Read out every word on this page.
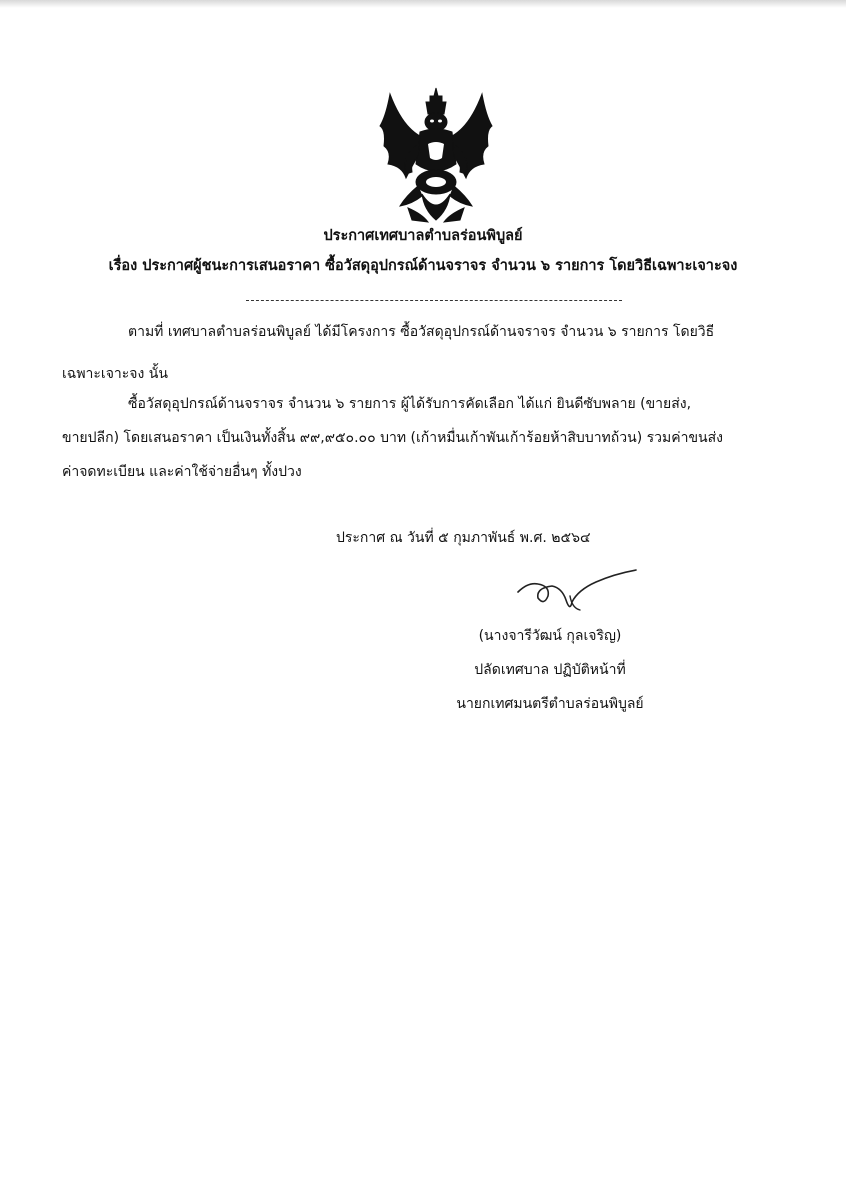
ประกาศเทศบาลตำบลร่อนพิบูลย์
เรื่อง ประกาศผู้ชนะการเสนอราคา ซื้อวัสดุอุปกรณ์ด้านจราจร จำนวน ๖ รายการ โดยวิธีเฉพาะเจาะจง
ตามที่ เทศบาลตำบลร่อนพิบูลย์ ได้มีโครงการ ซื้อวัสดุอุปกรณ์ด้านจราจร จำนวน ๖ รายการ โดยวิธี
เฉพาะเจาะจง นั้น
ซื้อวัสดุอุปกรณ์ด้านจราจร จำนวน ๖ รายการ ผู้ได้รับการคัดเลือก ได้แก่ ยินดีซับพลาย (ขายส่ง,
ขายปลีก) โดยเสนอราคา เป็นเงินทั้งสิ้น ๙๙,๙๕๐.๐๐ บาท (เก้าหมื่นเก้าพันเก้าร้อยห้าสิบบาทถ้วน) รวมค่าขนส่ง
ค่าจดทะเบียน และค่าใช้จ่ายอื่นๆ ทั้งปวง
ประกาศ ณ วันที่ ๕ กุมภาพันธ์ พ.ศ. ๒๕๖๔
(นางจารีวัฒน์ กุลเจริญ)
ปลัดเทศบาล ปฏิบัติหน้าที่
นายกเทศมนตรีตำบลร่อนพิบูลย์
